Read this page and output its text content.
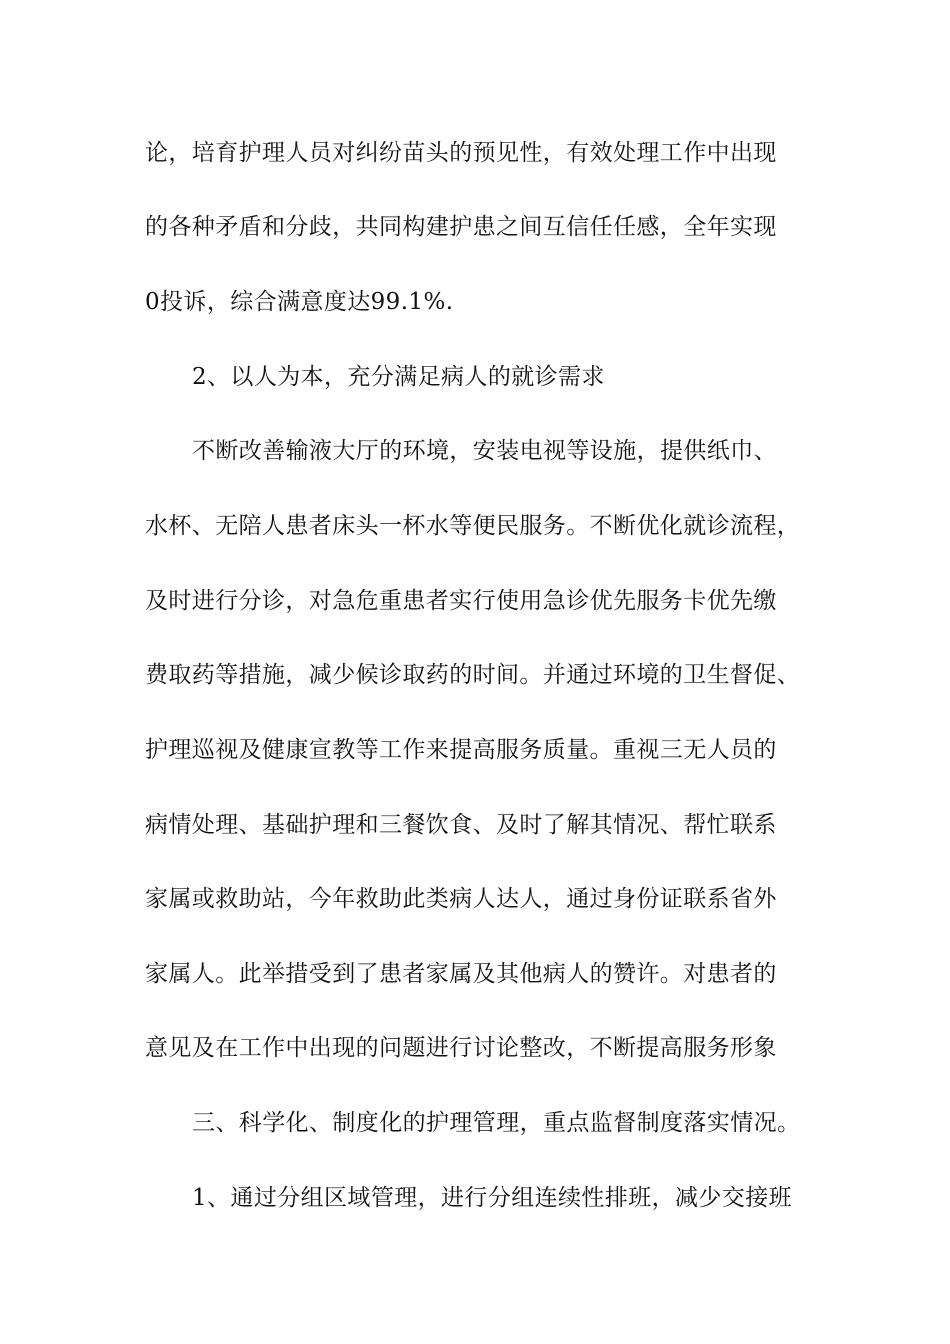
论，培育护理人员对纠纷苗头的预见性，有效处理工作中出现
的各种矛盾和分歧，共同构建护患之间互信任任感，全年实现
0投诉，综合满意度达99.1%.
2、以人为本，充分满足病人的就诊需求
不断改善输液大厅的环境，安装电视等设施，提供纸巾、
水杯、无陪人患者床头一杯水等便民服务。不断优化就诊流程，
及时进行分诊，对急危重患者实行使用急诊优先服务卡优先缴
费取药等措施，减少候诊取药的时间。并通过环境的卫生督促、
护理巡视及健康宣教等工作来提高服务质量。重视三无人员的
病情处理、基础护理和三餐饮食、及时了解其情况、帮忙联系
家属或救助站，今年救助此类病人达人，通过身份证联系省外
家属人。此举措受到了患者家属及其他病人的赞许。对患者的
意见及在工作中出现的问题进行讨论整改，不断提高服务形象
三、科学化、制度化的护理管理，重点监督制度落实情况。
1、通过分组区域管理，进行分组连续性排班，减少交接班
